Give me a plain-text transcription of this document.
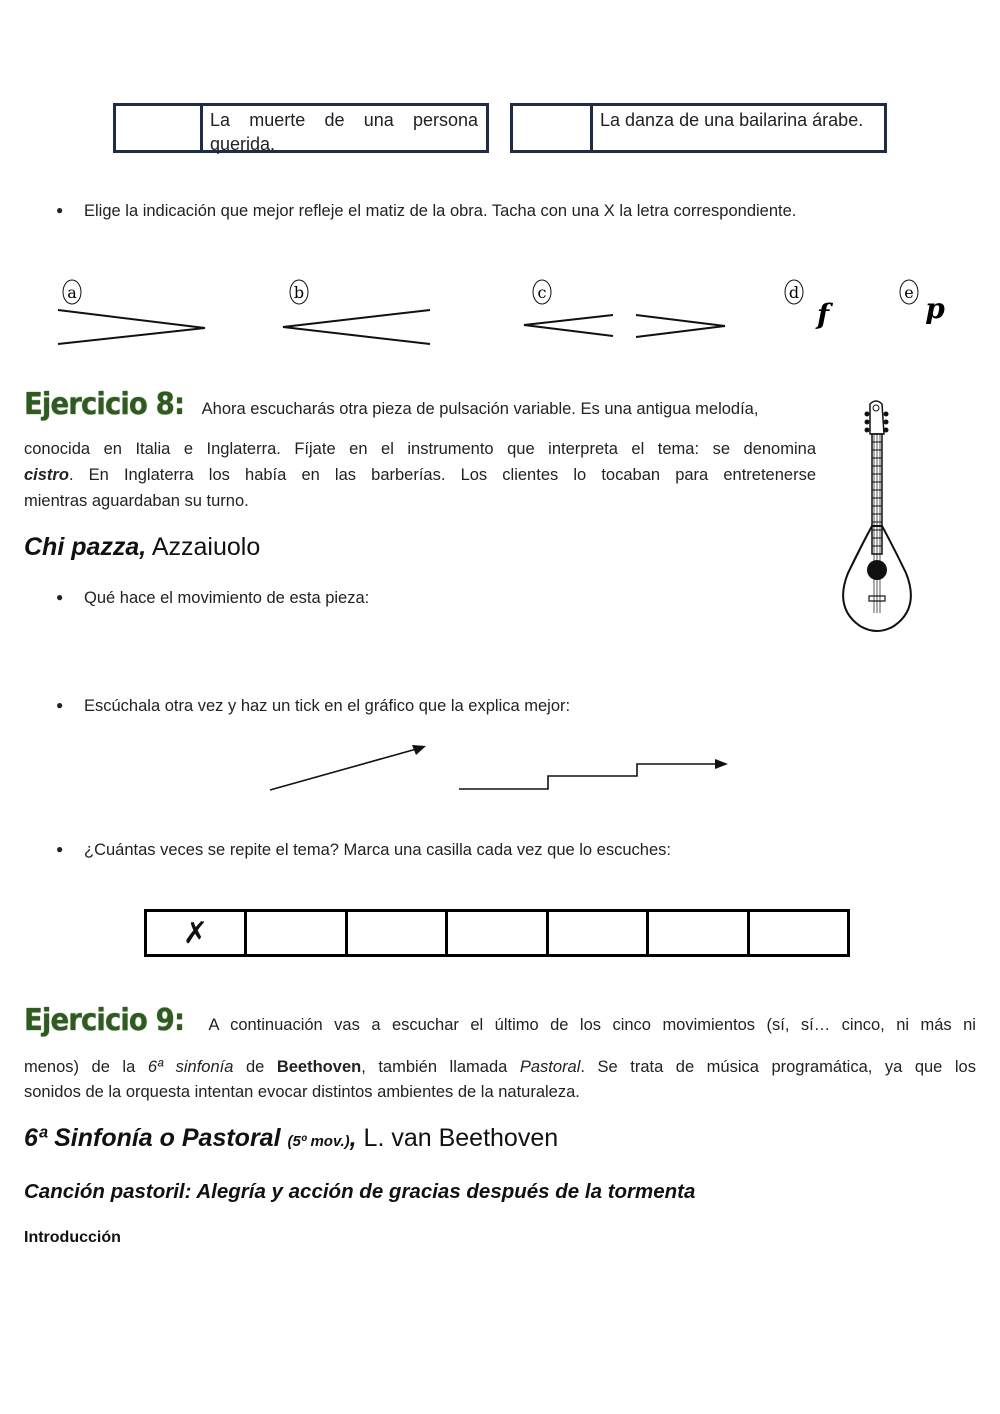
La muerte de una persona querida.
La danza de una bailarina árabe.
●	Elige la indicación que mejor refleje el matiz de la obra. Tacha con una X la letra correspondiente.
a	b	c	d
f
e p
Ejercicio 8: Ahora escucharás otra pieza de pulsación variable. Es una antigua melodía,
conocida en Italia e Inglaterra. Fíjate en el instrumento que interpreta el tema: se denomina
cistro. En Inglaterra los había en las barberías. Los clientes lo tocaban para entretenerse
mientras aguardaban su turno.
Chi pazza, Azzaiuolo
●	Qué hace el movimiento de esta pieza:
●	Escúchala otra vez y haz un tick en el gráfico que la explica mejor:
●	¿Cuántas veces se repite el tema? Marca una casilla cada vez que lo escuches:
✗
Ejercicio 9: A continuación vas a escuchar el último de los cinco movimientos (sí, sí… cinco, ni más ni
menos) de la 6ª sinfonía de Beethoven, también llamada Pastoral. Se trata de música programática, ya que los
sonidos de la orquesta intentan evocar distintos ambientes de la naturaleza.
6ª Sinfonía o Pastoral (5º mov.), L. van Beethoven
Canción pastoril: Alegría y acción de gracias después de la tormenta
Introducción
